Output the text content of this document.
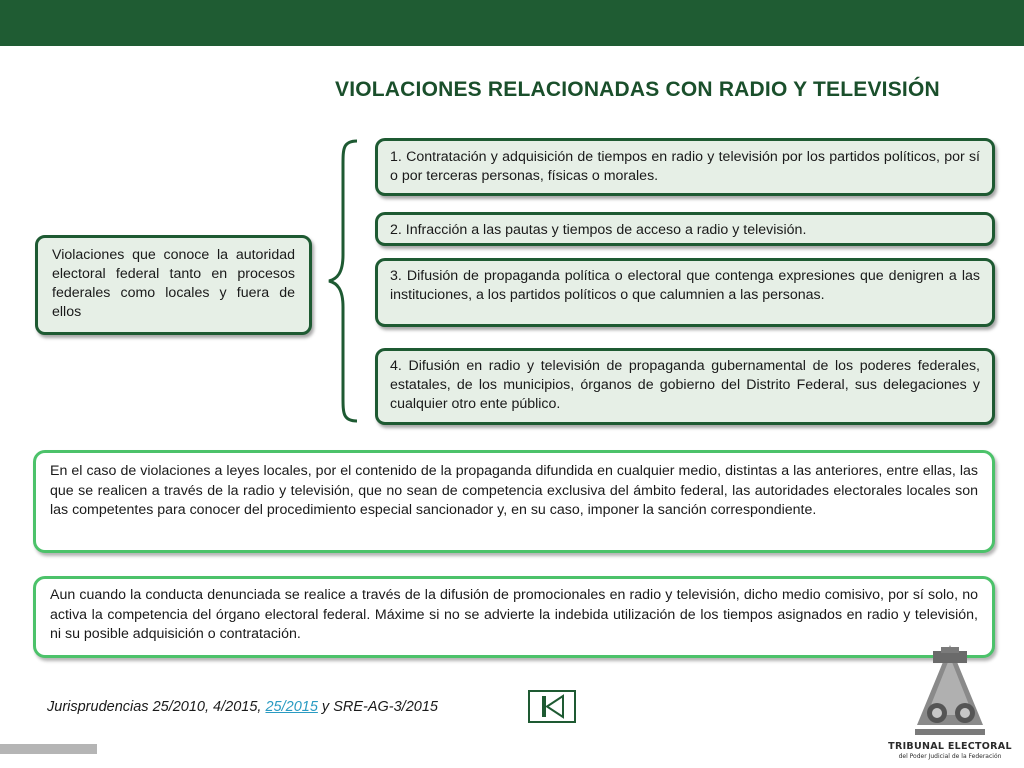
VIOLACIONES RELACIONADAS CON RADIO Y TELEVISIÓN
Violaciones que conoce la autoridad electoral federal tanto en procesos federales como locales y fuera de ellos
1. Contratación y adquisición de tiempos en radio y televisión por los partidos políticos, por sí o por terceras personas, físicas o morales.
2. Infracción a las pautas y tiempos de acceso a radio y televisión.
3. Difusión de propaganda política o electoral que contenga expresiones que denigren a las instituciones, a los partidos políticos o que calumnien a las personas.
4. Difusión en radio y televisión de propaganda gubernamental de los poderes federales, estatales, de los municipios, órganos de gobierno del Distrito Federal, sus delegaciones y cualquier otro ente público.
En el caso de violaciones a leyes locales, por el contenido de la propaganda difundida en cualquier medio, distintas a las anteriores, entre ellas, las que se realicen a través de la radio y televisión, que no sean de competencia exclusiva del ámbito federal, las autoridades electorales locales son las competentes para conocer del procedimiento especial sancionador y, en su caso, imponer la sanción correspondiente.
Aun cuando la conducta denunciada se realice a través de la difusión de promocionales en radio y televisión, dicho medio comisivo, por sí solo, no activa la competencia del órgano electoral federal. Máxime si no se advierte la indebida utilización de los tiempos asignados en radio y televisión, ni su posible adquisición o contratación.
Jurisprudencias 25/2010, 4/2015, 25/2015 y SRE-AG-3/2015
TRIBUNAL ELECTORAL
del Poder Judicial de la Federación
